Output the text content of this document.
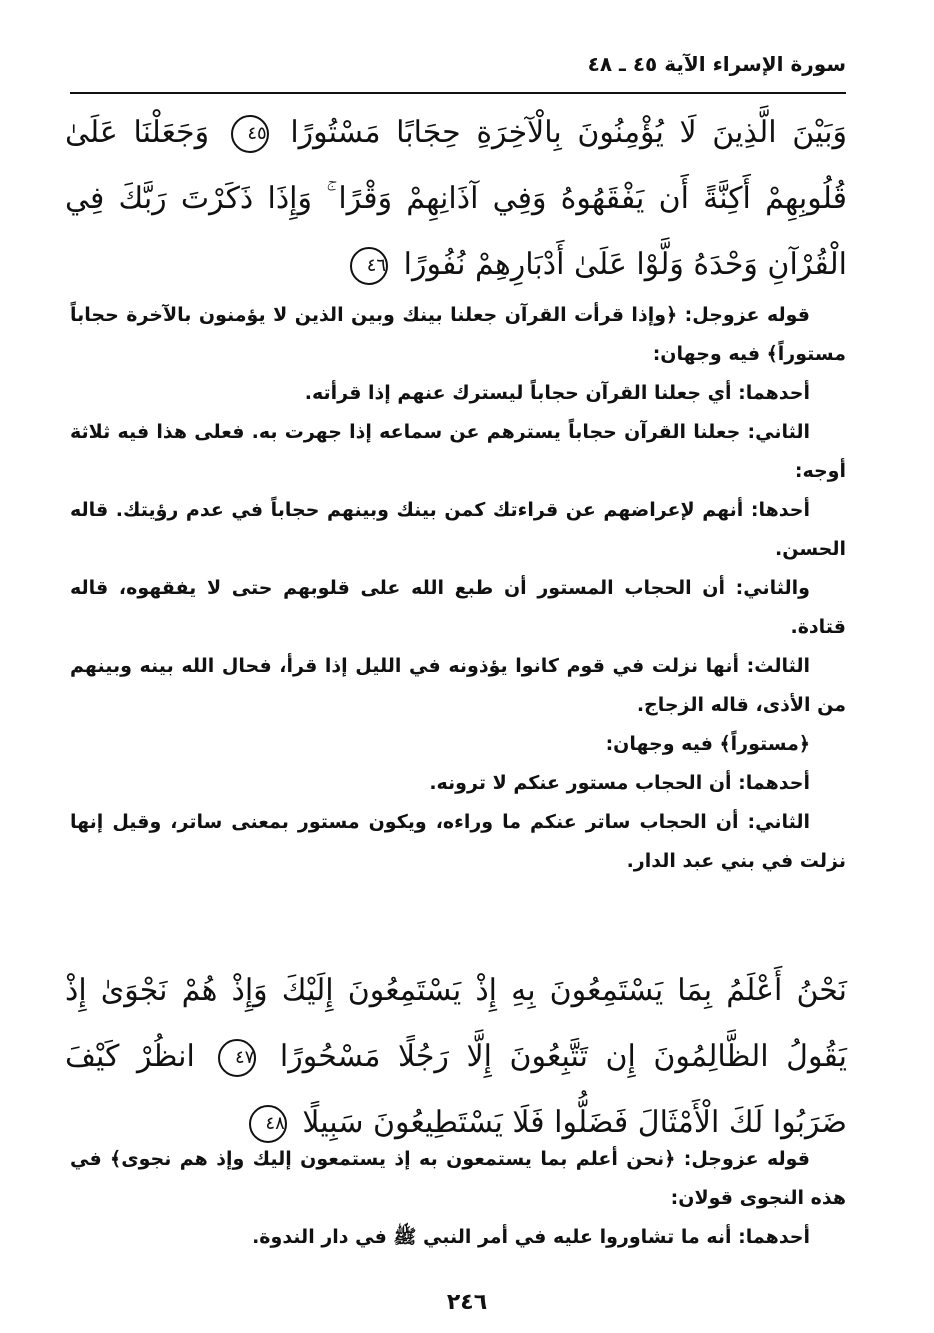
سورة الإسراء الآية ٤٥ ـ ٤٨
وَبَيْنَ الَّذِينَ لَا يُؤْمِنُونَ بِالْآخِرَةِ حِجَابًا مَسْتُورًا ٤٥ وَجَعَلْنَا عَلَىٰ قُلُوبِهِمْ أَكِنَّةً أَن يَفْقَهُوهُ وَفِي آذَانِهِمْ وَقْرًا ۚ وَإِذَا ذَكَرْتَ رَبَّكَ فِي الْقُرْآنِ وَحْدَهُ وَلَّوْا عَلَىٰ أَدْبَارِهِمْ نُفُورًا ٤٦

قوله عزوجل: ﴿وإذا قرأت القرآن جعلنا بينك وبين الذين لا يؤمنون بالآخرة حجاباً مستوراً﴾ فيه وجهان:

أحدهما: أي جعلنا القرآن حجاباً ليسترك عنهم إذا قرأته.

الثاني: جعلنا القرآن حجاباً يسترهم عن سماعه إذا جهرت به. فعلى هذا فيه ثلاثة أوجه:

أحدها: أنهم لإعراضهم عن قراءتك كمن بينك وبينهم حجاباً في عدم رؤيتك. قاله الحسن.

والثاني: أن الحجاب المستور أن طبع الله على قلوبهم حتى لا يفقهوه، قاله قتادة.

الثالث: أنها نزلت في قوم كانوا يؤذونه في الليل إذا قرأ، فحال الله بينه وبينهم من الأذى، قاله الزجاج.

﴿مستوراً﴾ فيه وجهان:

أحدهما: أن الحجاب مستور عنكم لا ترونه.

الثاني: أن الحجاب ساتر عنكم ما وراءه، ويكون مستور بمعنى ساتر، وقيل إنها نزلت في بني عبد الدار.

نَحْنُ أَعْلَمُ بِمَا يَسْتَمِعُونَ بِهِ إِذْ يَسْتَمِعُونَ إِلَيْكَ وَإِذْ هُمْ نَجْوَىٰ إِذْ يَقُولُ الظَّالِمُونَ إِن تَتَّبِعُونَ إِلَّا رَجُلًا مَسْحُورًا ٤٧ انظُرْ كَيْفَ ضَرَبُوا لَكَ الْأَمْثَالَ فَضَلُّوا فَلَا يَسْتَطِيعُونَ سَبِيلًا ٤٨

قوله عزوجل: ﴿نحن أعلم بما يستمعون به إذ يستمعون إليك وإذ هم نجوى﴾ في هذه النجوى قولان:

أحدهما: أنه ما تشاوروا عليه في أمر النبي ﷺ في دار الندوة.

٢٤٦
